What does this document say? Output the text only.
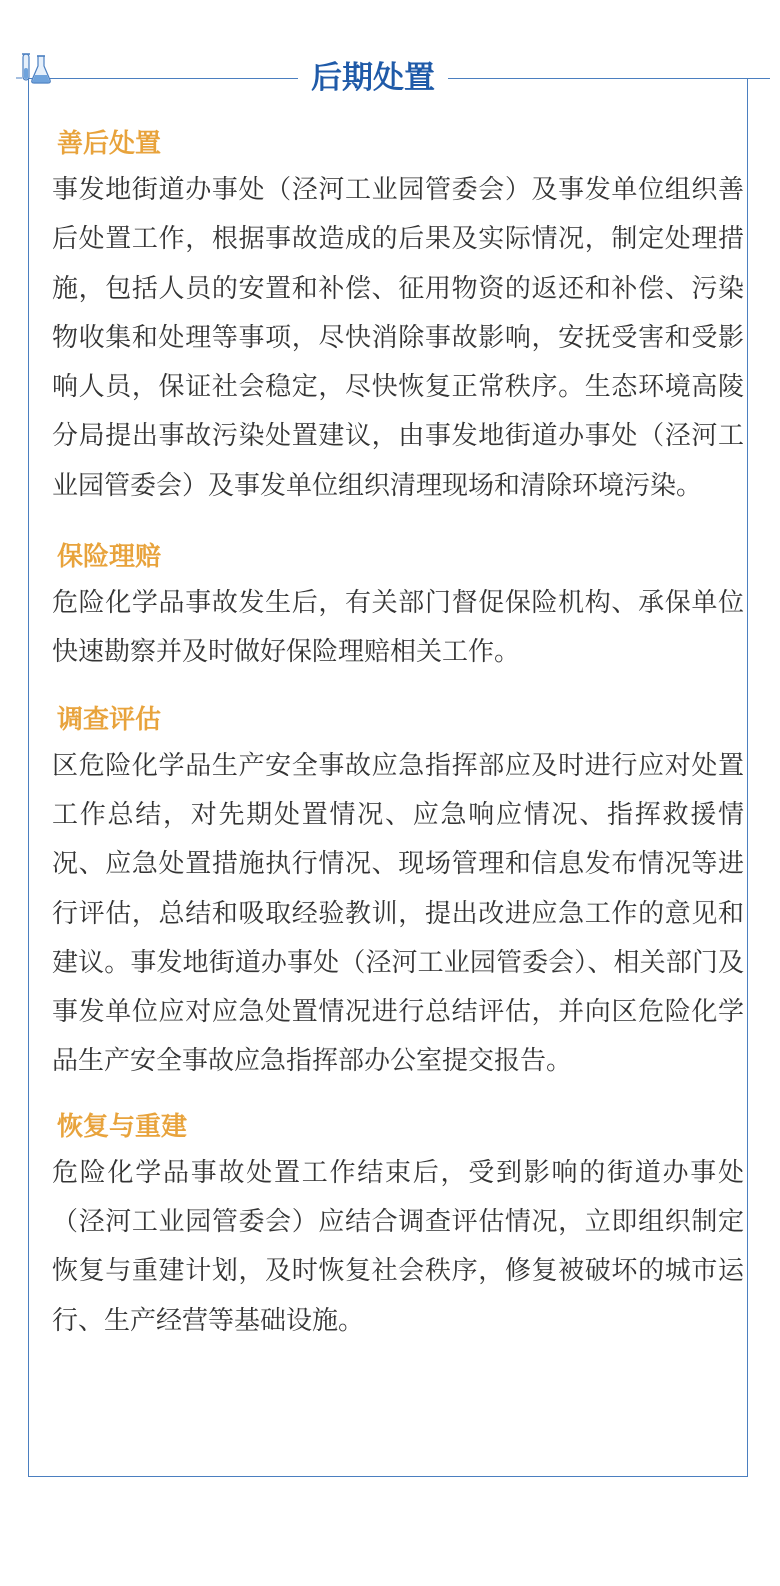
后期处置
善后处置

事发地街道办事处（泾河工业园管委会）及事发单位组织善后处置工作，根据事故造成的后果及实际情况，制定处理措施，包括人员的安置和补偿、征用物资的返还和补偿、污染物收集和处理等事项，尽快消除事故影响，安抚受害和受影响人员，保证社会稳定，尽快恢复正常秩序。生态环境高陵分局提出事故污染处置建议，由事发地街道办事处（泾河工业园管委会）及事发单位组织清理现场和清除环境污染。

保险理赔

危险化学品事故发生后，有关部门督促保险机构、承保单位快速勘察并及时做好保险理赔相关工作。

调查评估

区危险化学品生产安全事故应急指挥部应及时进行应对处置工作总结，对先期处置情况、应急响应情况、指挥救援情况、应急处置措施执行情况、现场管理和信息发布情况等进行评估，总结和吸取经验教训，提出改进应急工作的意见和建议。事发地街道办事处（泾河工业园管委会）、相关部门及事发单位应对应急处置情况进行总结评估，并向区危险化学品生产安全事故应急指挥部办公室提交报告。

恢复与重建

危险化学品事故处置工作结束后，受到影响的街道办事处（泾河工业园管委会）应结合调查评估情况，立即组织制定恢复与重建计划，及时恢复社会秩序，修复被破坏的城市运行、生产经营等基础设施。
